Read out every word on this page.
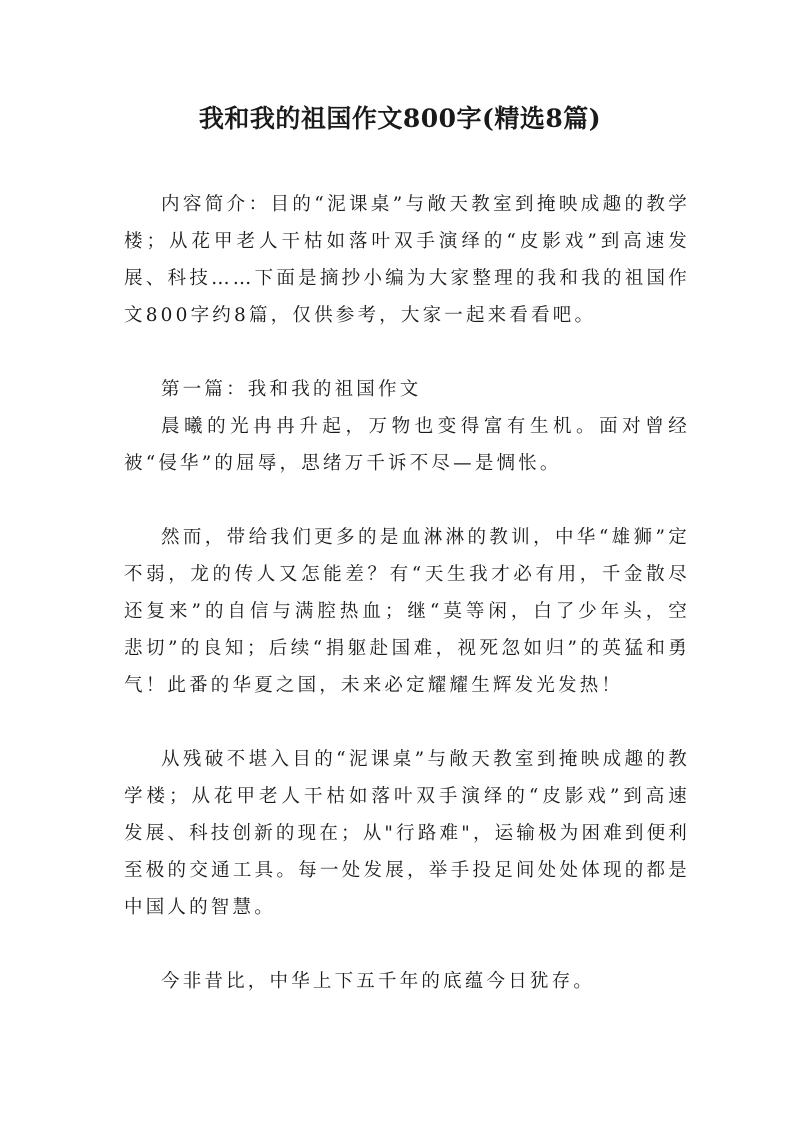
我和我的祖国作文800字(精选8篇)

内容简介：目的“泥课桌”与敞天教室到掩映成趣的教学楼；从花甲老人干枯如落叶双手演绎的“皮影戏”到高速发展、科技……下面是摘抄小编为大家整理的我和我的祖国作文800字约8篇，仅供参考，大家一起来看看吧。

第一篇：我和我的祖国作文

晨曦的光冉冉升起，万物也变得富有生机。面对曾经被“侵华”的屈辱，思绪万千诉不尽—是惆怅。

然而，带给我们更多的是血淋淋的教训，中华“雄狮”定不弱，龙的传人又怎能差？有“天生我才必有用，千金散尽还复来”的自信与满腔热血；继“莫等闲，白了少年头，空悲切”的良知；后续“捐躯赴国难，视死忽如归”的英猛和勇气！此番的华夏之国，未来必定耀耀生辉发光发热！

从残破不堪入目的“泥课桌”与敞天教室到掩映成趣的教学楼；从花甲老人干枯如落叶双手演绎的“皮影戏”到高速发展、科技创新的现在；从"行路难"，运输极为困难到便利至极的交通工具。每一处发展，举手投足间处处体现的都是中国人的智慧。

今非昔比，中华上下五千年的底蕴今日犹存。
